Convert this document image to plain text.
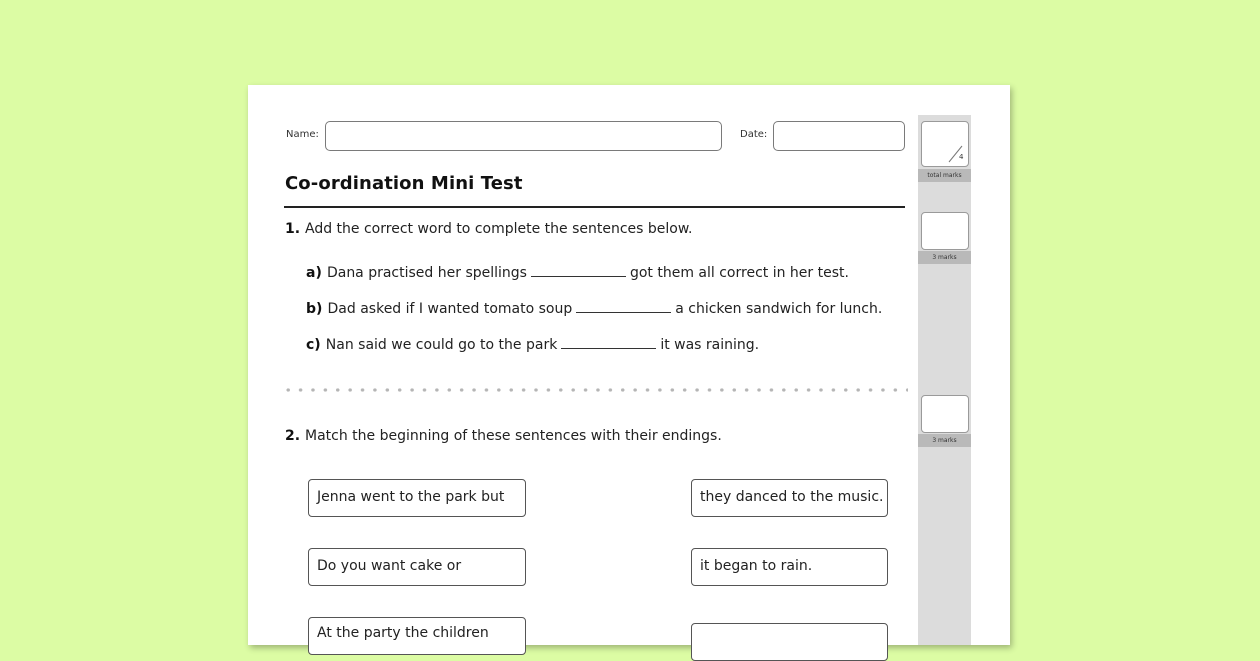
Name:	Date:
Co-ordination Mini Test
1. Add the correct word to complete the sentences below.
a) Dana practised her spellings	got them all correct in her test.
b) Dad asked if I wanted tomato soup	a chicken sandwich for lunch.
c) Nan said we could go to the park	it was raining.
2. Match the beginning of these sentences with their endings.
Jenna went to the park but
Do you want cake or
At the party the children
they danced to the music.
it began to rain.
4
total marks
3 marks
3 marks
